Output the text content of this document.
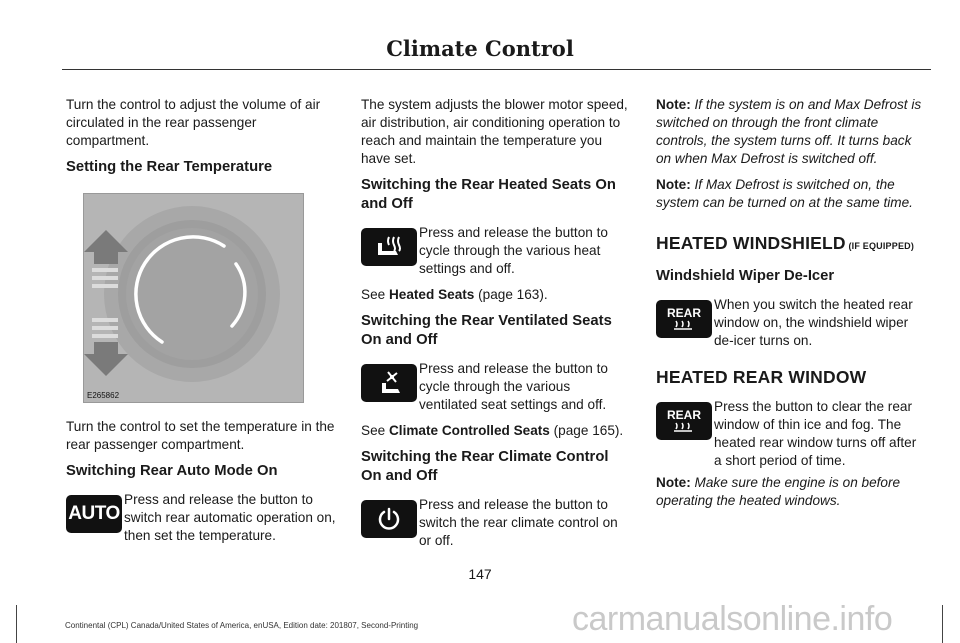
Climate Control

Turn the control to adjust the volume of air circulated in the rear passenger compartment.

Setting the Rear Temperature
E265862

Turn the control to set the temperature in the rear passenger compartment.

Switching Rear Auto Mode On
AUTO
Press and release the button to switch rear automatic operation on, then set the temperature.

The system adjusts the blower motor speed, air distribution, air conditioning operation to reach and maintain the temperature you have set.

Switching the Rear Heated Seats On and Off
Press and release the button to cycle through the various heat settings and off.

See Heated Seats (page 163).

Switching the Rear Ventilated Seats On and Off
Press and release the button to cycle through the various ventilated seat settings and off.

See Climate Controlled Seats (page 165).

Switching the Rear Climate Control On and Off
Press and release the button to switch the rear climate control on or off.

Note: If the system is on and Max Defrost is switched on through the front climate controls, the system turns off. It turns back on when Max Defrost is switched off.

Note: If Max Defrost is switched on, the system can be turned on at the same time.

HEATED WINDSHIELD (IF EQUIPPED)
Windshield Wiper De-Icer
REAR
When you switch the heated rear window on, the windshield wiper de-icer turns on.
HEATED REAR WINDOW
REAR
Press the button to clear the rear window of thin ice and fog. The heated rear window turns off after a short period of time.

Note: Make sure the engine is on before operating the heated windows.

147
Continental (CPL) Canada/United States of America, enUSA, Edition date: 201807, Second-Printing	carmanualsonline.info
